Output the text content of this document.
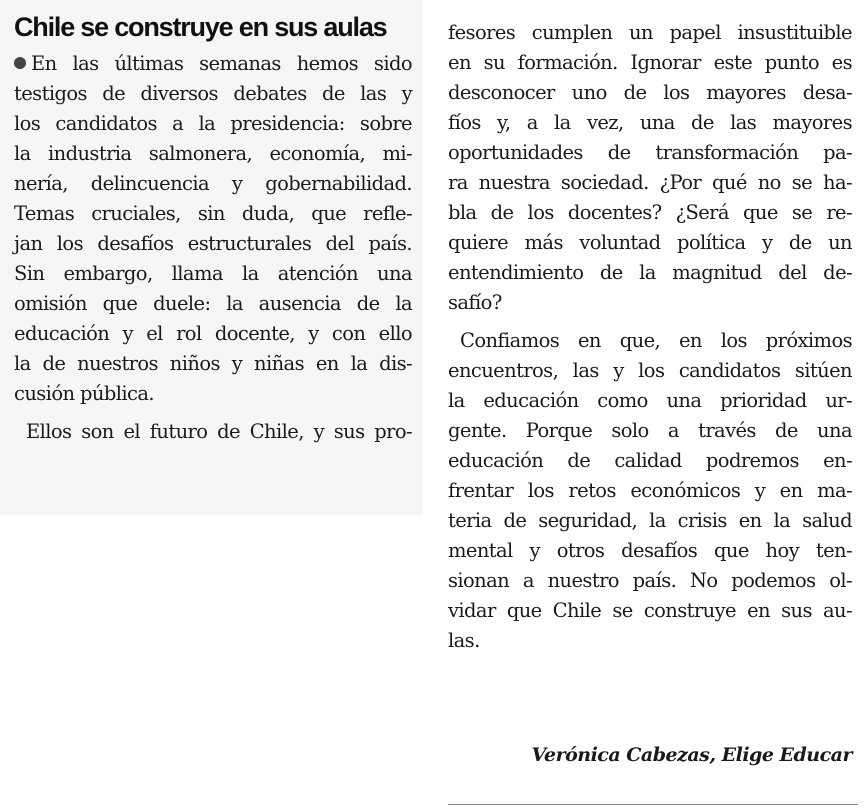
Chile se construye en sus aulas
En las últimas semanas hemos sido
testigos de diversos debates de las y
los candidatos a la presidencia: sobre
la industria salmonera, economía, mi-
nería, delincuencia y gobernabilidad.
Temas cruciales, sin duda, que refle-
jan los desafíos estructurales del país.
Sin embargo, llama la atención una
omisión que duele: la ausencia de la
educación y el rol docente, y con ello
la de nuestros niños y niñas en la dis-
cusión pública.
Ellos son el futuro de Chile, y sus pro-
fesores cumplen un papel insustituible
en su formación. Ignorar este punto es
desconocer uno de los mayores desa-
fíos y, a la vez, una de las mayores
oportunidades de transformación pa-
ra nuestra sociedad. ¿Por qué no se ha-
bla de los docentes? ¿Será que se re-
quiere más voluntad política y de un
entendimiento de la magnitud del de-
safío?
Confiamos en que, en los próximos
encuentros, las y los candidatos sitúen
la educación como una prioridad ur-
gente. Porque solo a través de una
educación de calidad podremos en-
frentar los retos económicos y en ma-
teria de seguridad, la crisis en la salud
mental y otros desafíos que hoy ten-
sionan a nuestro país. No podemos ol-
vidar que Chile se construye en sus au-
las.
Verónica Cabezas, Elige Educar
